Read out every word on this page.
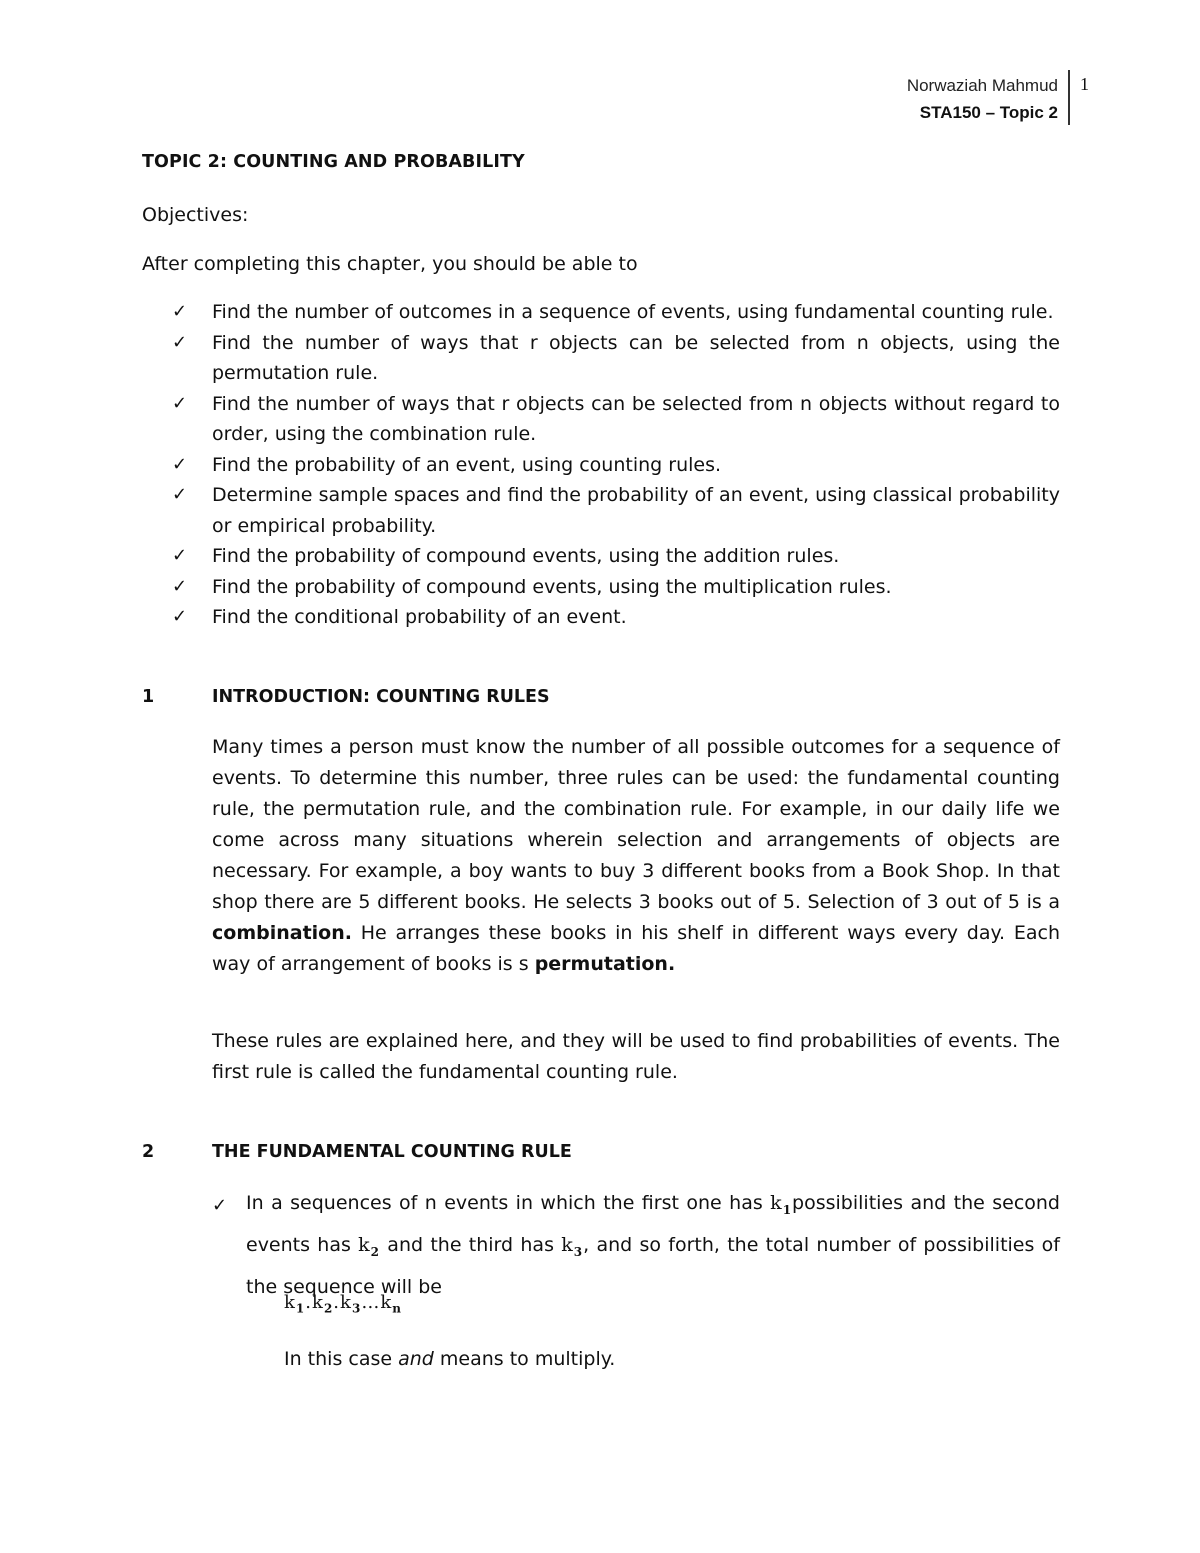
Norwaziah Mahmud
STA150 – Topic 2
1
TOPIC 2: COUNTING AND PROBABILITY
Objectives:
After completing this chapter, you should be able to
✓	Find the number of outcomes in a sequence of events, using fundamental counting rule.
✓	Find the number of ways that r objects can be selected from n objects, using the permutation rule.
✓	Find the number of ways that r objects can be selected from n objects without regard to order, using the combination rule.
✓	Find the probability of an event, using counting rules.
✓	Determine sample spaces and find the probability of an event, using classical probability or empirical probability.
✓	Find the probability of compound events, using the addition rules.
✓	Find the probability of compound events, using the multiplication rules.
✓	Find the conditional probability of an event.
1	INTRODUCTION: COUNTING RULES
Many times a person must know the number of all possible outcomes for a sequence of events. To determine this number, three rules can be used: the fundamental counting rule, the permutation rule, and the combination rule. For example, in our daily life we come across many situations wherein selection and arrangements of objects are necessary. For example, a boy wants to buy 3 different books from a Book Shop. In that shop there are 5 different books. He selects 3 books out of 5. Selection of 3 out of 5 is a combination. He arranges these books in his shelf in different ways every day. Each way of arrangement of books is s permutation.
These rules are explained here, and they will be used to find probabilities of events. The first rule is called the fundamental counting rule.
2	THE FUNDAMENTAL COUNTING RULE
✓ In a sequences of n events in which the first one has $k_1possibilities$ and the second events has $k_2$ and the third has $k_3$, and so forth, the total number of possibilities of the sequence will be
$k_1.k_2.k_3\dots k_n$
In this case and means to multiply.
